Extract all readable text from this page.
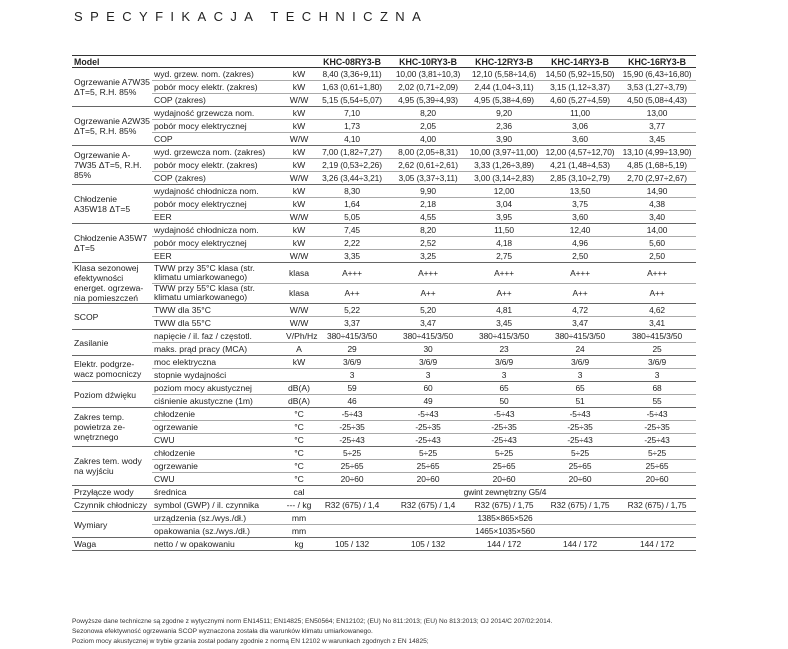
SPECYFIKACJA TECHNICZNA
Model			KHC-08RY3-B	KHC-10RY3-B	KHC-12RY3-B	KHC-14RY3-B	KHC-16RY3-B
Ogrzewanie A7W35 ΔT=5, R.H. 85%	wyd. grzew. nom. (zakres)	kW	8,40 (3,36÷9,11)	10,00 (3,81÷10,3)	12,10 (5,58÷14,6)	14,50 (5,92÷15,50)	15,90 (6,43÷16,80)
	pobór mocy elektr. (zakres)	kW	1,63 (0,61÷1,80)	2,02 (0,71÷2,09)	2,44 (1,04÷3,11)	3,15 (1,12÷3,37)	3,53 (1,27÷3,79)
	COP (zakres)	W/W	5,15 (5,54÷5,07)	4,95 (5,39÷4,93)	4,95 (5,38÷4,69)	4,60 (5,27÷4,59)	4,50 (5,08÷4,43)
Ogrzewanie A2W35 ΔT=5, R.H. 85%	wydajność grzewcza nom.	kW	7,10	8,20	9,20	11,00	13,00
	pobór mocy elektrycznej	kW	1,73	2,05	2,36	3,06	3,77
	COP	W/W	4,10	4,00	3,90	3,60	3,45
Ogrzewanie A-7W35 ΔT=5, R.H. 85%	wyd. grzewcza nom. (zakres)	kW	7,00 (1,82÷7,27)	8,00 (2,05÷8,31)	10,00 (3,97÷11,00)	12,00 (4,57÷12,70)	13,10 (4,99÷13,90)
	pobór mocy elektr. (zakres)	kW	2,19 (0,53÷2,26)	2,62 (0,61÷2,61)	3,33 (1,26÷3,89)	4,21 (1,48÷4,53)	4,85 (1,68÷5,19)
	COP (zakres)	W/W	3,26 (3,44÷3,21)	3,05 (3,37÷3,11)	3,00 (3,14÷2,83)	2,85 (3,10÷2,79)	2,70 (2,97÷2,67)
Chłodzenie A35W18 ΔT=5	wydajność chłodnicza nom.	kW	8,30	9,90	12,00	13,50	14,90
	pobór mocy elektrycznej	kW	1,64	2,18	3,04	3,75	4,38
	EER	W/W	5,05	4,55	3,95	3,60	3,40
Chłodzenie A35W7 ΔT=5	wydajność chłodnicza nom.	kW	7,45	8,20	11,50	12,40	14,00
	pobór mocy elektrycznej	kW	2,22	2,52	4,18	4,96	5,60
	EER	W/W	3,35	3,25	2,75	2,50	2,50
Klasa sezonowej efektywności energet. ogrzewa-nia pomieszczeń	TWW przy 35°C klasa (str. klimatu umiarkowanego)	klasa	A+++	A+++	A+++	A+++	A+++
	TWW przy 55°C klasa (str. klimatu umiarkowanego)	klasa	A++	A++	A++	A++	A++
SCOP	TWW dla 35°C	W/W	5,22	5,20	4,81	4,72	4,62
	TWW dla 55°C	W/W	3,37	3,47	3,45	3,47	3,41
Zasilanie	napięcie / il. faz / częstotl.	V/Ph/Hz	380÷415/3/50	380÷415/3/50	380÷415/3/50	380÷415/3/50	380÷415/3/50
	maks. prąd pracy (MCA)	A	29	30	23	24	25
Elektr. podgrze-wacz pomocniczy	moc elektryczna	kW	3/6/9	3/6/9	3/6/9	3/6/9	3/6/9
	stopnie wydajności		3	3	3	3	3
Poziom dźwięku	poziom mocy akustycznej	dB(A)	59	60	65	65	68
	ciśnienie akustyczne (1m)	dB(A)	46	49	50	51	55
Zakres temp. powietrza ze-wnętrznego	chłodzenie	°C	-5÷43	-5÷43	-5÷43	-5÷43	-5÷43
	ogrzewanie	°C	-25÷35	-25÷35	-25÷35	-25÷35	-25÷35
	CWU	°C	-25÷43	-25÷43	-25÷43	-25÷43	-25÷43
Zakres tem. wody na wyjściu	chłodzenie	°C	5÷25	5÷25	5÷25	5÷25	5÷25
	ogrzewanie	°C	25÷65	25÷65	25÷65	25÷65	25÷65
	CWU	°C	20÷60	20÷60	20÷60	20÷60	20÷60
Przyłącze wody	średnica	cal	gwint zewnętrzny G5/4				
Czynnik chłodniczy	symbol (GWP) / il. czynnika	--- / kg	R32 (675) / 1,4	R32 (675) / 1,4	R32 (675) / 1,75	R32 (675) / 1,75	R32 (675) / 1,75
Wymiary	urządzenia (sz./wys./dł.)	mm	1385×865×526				
	opakowania (sz./wys./dł.)	mm	1465×1035×560				
Waga	netto / w opakowaniu	kg	105 / 132	105 / 132	144 / 172	144 / 172	144 / 172
Powyższe dane techniczne są zgodne z wytycznymi norm EN14511; EN14825; EN50564; EN12102; (EU) No 811:2013; (EU) No 813:2013; OJ 2014/C 207/02:2014.
Sezonowa efektywność ogrzewania SCOP wyznaczona została dla warunków klimatu umiarkowanego.
Poziom mocy akustycznej w trybie grzania został podany zgodnie z normą EN 12102 w warunkach zgodnych z EN 14825;
